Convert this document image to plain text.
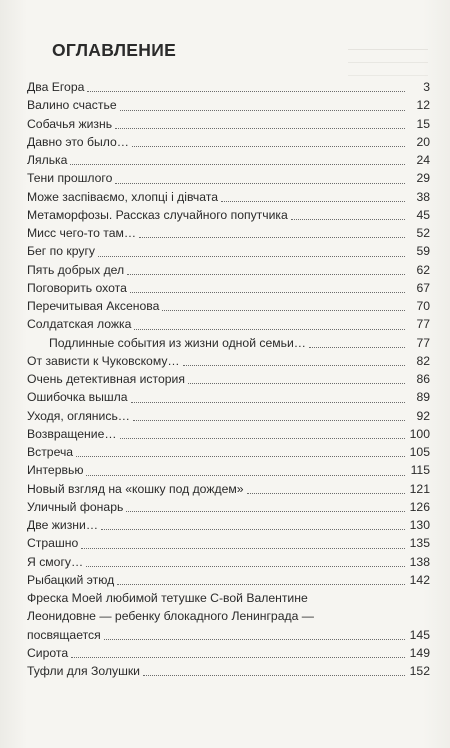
ОГЛАВЛЕНИЕ
Два Егора	3
Валино счастье	12
Собачья жизнь	15
Давно это было…	20
Лялька	24
Тени прошлого	29
Може заспiваємо, хлопцi i дiвчата	38
Метаморфозы. Рассказ случайного попутчика	45
Мисс чего-то там…	52
Бег по кругу	59
Пять добрых дел	62
Поговорить охота	67
Перечитывая Аксенова	70
Солдатская ложка	77
Подлинные события из жизни одной семьи…	77
От зависти к Чуковскому…	82
Очень детективная история	86
Ошибочка вышла	89
Уходя, оглянись…	92
Возвращение…	100
Встреча	105
Интервью	115
Новый взгляд на «кошку под дождем»	121
Уличный фонарь	126
Две жизни…	130
Страшно	135
Я смогу…	138
Рыбацкий этюд	142
Фреска Моей любимой тетушке С-вой Валентине
Леонидовне — ребенку блокадного Ленинграда —
посвящается	145
Сирота	149
Туфли для Золушки	152
